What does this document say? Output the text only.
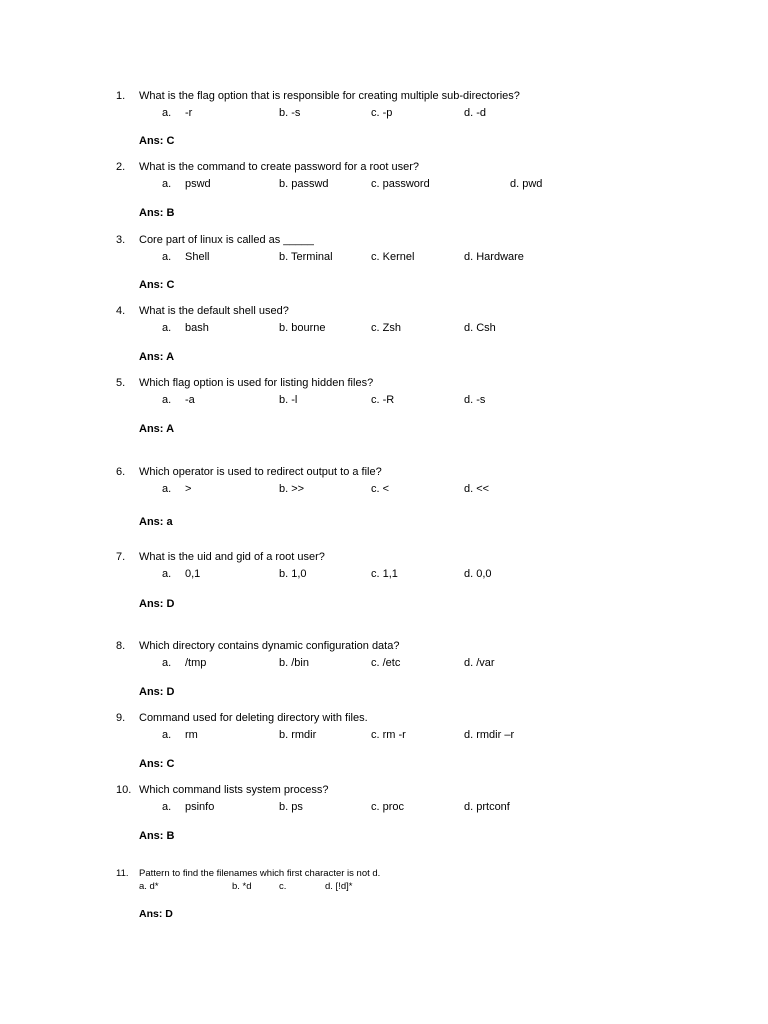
1. What is the flag option that is responsible for creating multiple sub-directories?
a. -r	b. -s	c. -p	d. -d
Ans: C
2. What is the command to create password for a root user?
a. pswd	b. passwd	c. password	d. pwd
Ans: B
3. Core part of linux is called as _____
a. Shell	b. Terminal	c. Kernel	d. Hardware
Ans: C
4. What is the default shell used?
a. bash	b. bourne	c. Zsh	d. Csh
Ans: A
5. Which flag option is used for listing hidden files?
a. -a	b. -l	c. -R	d. -s
Ans: A
6. Which operator is used to redirect output to a file?
a. >	b. >>	c. <	d. <<
Ans: a
7. What is the uid and gid of a root user?
a. 0,1	b. 1,0	c. 1,1	d. 0,0
Ans: D
8. Which directory contains dynamic configuration data?
a. /tmp	b. /bin	c. /etc	d. /var
Ans: D
9. Command used for deleting directory with files.
a. rm	b. rmdir	c. rm -r	d. rmdir –r
Ans: C
10. Which command lists system process?
a. psinfo	b. ps	c. proc	d. prtconf
Ans: B
11. Pattern to find the filenames which first character is not d.
a. d*	b. *d	c.	d. [!d]*
Ans: D
